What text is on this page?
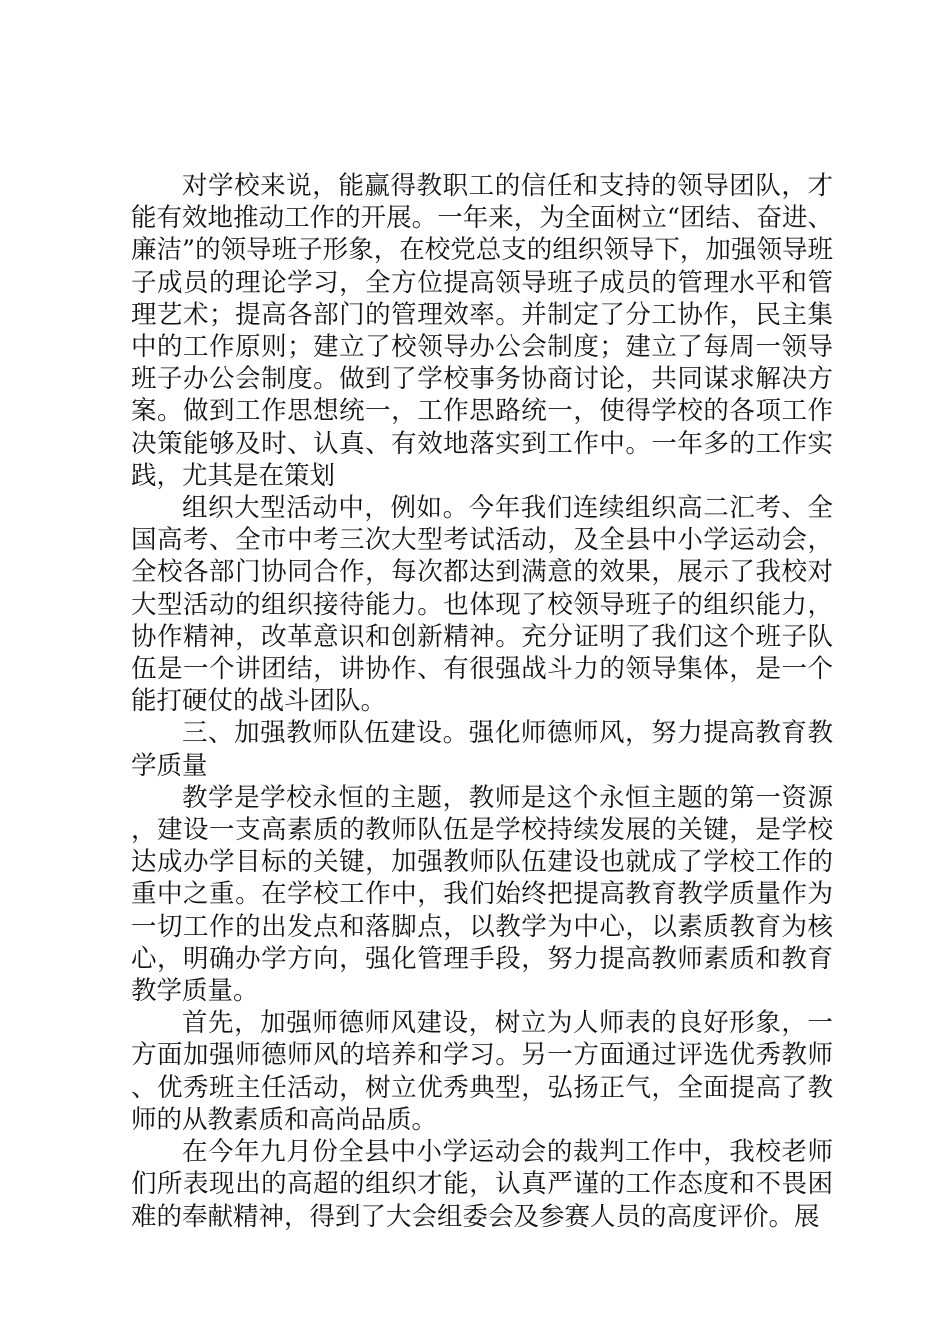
对学校来说，能赢得教职工的信任和支持的领导团队，才能有效地推动工作的开展。一年来，为全面树立“团结、奋进、廉洁”的领导班子形象，在校党总支的组织领导下，加强领导班子成员的理论学习，全方位提高领导班子成员的管理水平和管理艺术；提高各部门的管理效率。并制定了分工协作，民主集中的工作原则；建立了校领导办公会制度；建立了每周一领导班子办公会制度。做到了学校事务协商讨论，共同谋求解决方案。做到工作思想统一，工作思路统一，使得学校的各项工作决策能够及时、认真、有效地落实到工作中。一年多的工作实践，尤其是在策划

组织大型活动中，例如。今年我们连续组织高二汇考、全国高考、全市中考三次大型考试活动，及全县中小学运动会，全校各部门协同合作，每次都达到满意的效果，展示了我校对大型活动的组织接待能力。也体现了校领导班子的组织能力，协作精神，改革意识和创新精神。充分证明了我们这个班子队伍是一个讲团结，讲协作、有很强战斗力的领导集体，是一个能打硬仗的战斗团队。

三、加强教师队伍建设。强化师德师风，努力提高教育教学质量

教学是学校永恒的主题，教师是这个永恒主题的第一资源，建设一支高素质的教师队伍是学校持续发展的关键，是学校达成办学目标的关键，加强教师队伍建设也就成了学校工作的重中之重。在学校工作中，我们始终把提高教育教学质量作为一切工作的出发点和落脚点，以教学为中心，以素质教育为核心，明确办学方向，强化管理手段，努力提高教师素质和教育教学质量。

首先，加强师德师风建设，树立为人师表的良好形象，一方面加强师德师风的培养和学习。另一方面通过评选优秀教师、优秀班主任活动，树立优秀典型，弘扬正气，全面提高了教师的从教素质和高尚品质。

在今年九月份全县中小学运动会的裁判工作中，我校老师们所表现出的高超的组织才能，认真严谨的工作态度和不畏困难的奉献精神，得到了大会组委会及参赛人员的高度评价。展
